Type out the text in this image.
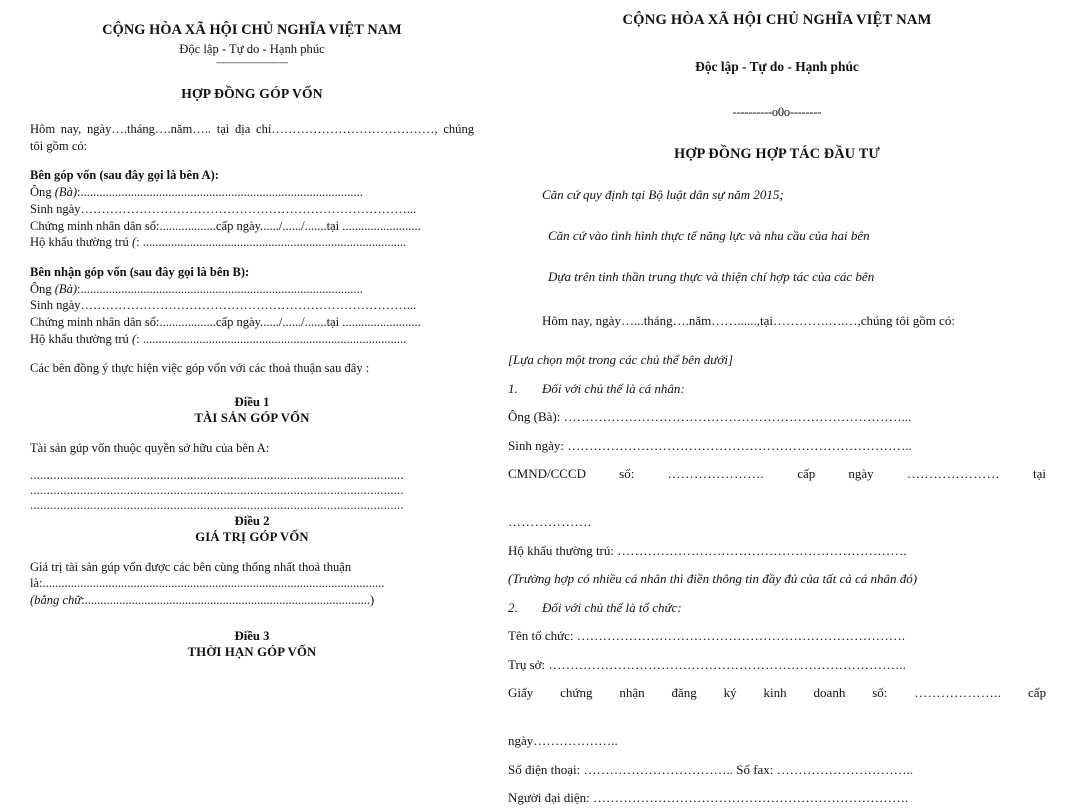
CỘNG HÒA XÃ HỘI CHỦ NGHĨA VIỆT NAM
Độc lập - Tự do - Hạnh phúc
--------------------------
HỢP ĐỒNG GÓP VỐN

Hôm nay, ngày….tháng….năm….. tại địa chỉ…………………………………, chúng tôi gồm có:

Bên góp vốn (sau đây gọi là bên A):

Ông (Bà):..........................................................................................

Sinh ngày……………………………………………………………………...

Chứng minh nhân dân số:..................cấp ngày....../....../.......tại .........................

Hộ khẩu thường trú (: ....................................................................................

Bên nhận góp vốn (sau đây gọi là bên B):

Ông (Bà):..........................................................................................

Sinh ngày……………………………………………………………………...

Chứng minh nhân dân số:..................cấp ngày....../....../.......tại .........................

Hộ khẩu thường trú (: ....................................................................................

Các bên đồng ý thực hiện việc góp vốn với các thoả thuận sau đây :

Điều 1
TÀI SẢN GÓP VỐN

Tài sản gúp vốn thuộc quyền sở hữu của bên A:

................................................................................................................
................................................................................................................
................................................................................................................
Điều 2
GIÁ TRỊ GÓP VỐN

Giá trị tài sản gúp vốn được các bên cùng thống nhất thoả thuận

là:.............................................................................................................

(bằng chữ:...........................................................................................)

Điều 3
THỜI HẠN GÓP VỐN
CỘNG HÒA XÃ HỘI CHỦ NGHĨA VIỆT NAM
Độc lập - Tự do - Hạnh phúc
----------o0o--------
HỢP ĐỒNG HỢP TÁC ĐẦU TƯ

Căn cứ quy định tại Bộ luật dân sự năm 2015;

Căn cứ vào tình hình thực tế năng lực và nhu cầu của hai bên

Dựa trên tinh thần trung thực và thiện chí hợp tác của các bên

Hôm nay, ngày…...tháng….năm……......,tại………….….…,chúng tôi gồm có:

[Lựa chọn một trong các chủ thể bên dưới]

1. Đối với chủ thể là cá nhân:

Ông (Bà): ……………………………………………………………………...

Sinh ngày: ……………………………………………………………………..

CMND/CCCD	số:	………………….	cấp	ngày	…………………	tại

……………….

Hộ khẩu thường trú: ………………………………………………………….

(Trường hợp có nhiều cá nhân thì điền thông tin đầy đủ của tất cả cá nhân đó)

2. Đối với chủ thể là tổ chức:

Tên tổ chức: ………………………………………………………………….

Trụ sở: ………………………………………………………………………..

Giấy chứng nhận đăng ký kinh doanh số: ……………….. cấp

ngày………………..

Số điện thoại: …………………………….. Số fax: …………………………..

Người đại diện: ……………………………………………………………….
